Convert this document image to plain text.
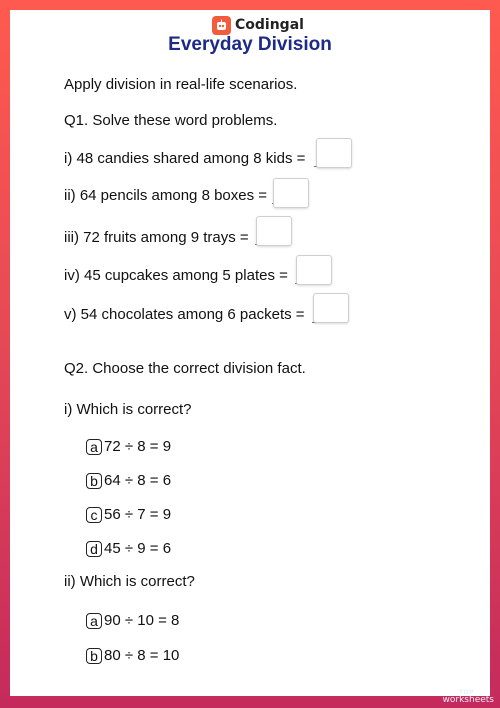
Codingal
Everyday Division
Apply division in real-life scenarios.
Q1. Solve these word problems.
i) 48 candies shared among 8 kids =
ii) 64 pencils among 8 boxes =
iii) 72 fruits among 9 trays =
iv) 45 cupcakes among 5 plates =
v) 54 chocolates among 6 packets =
Q2. Choose the correct division fact.
i) Which is correct?
a 72 ÷ 8 = 9
b 64 ÷ 8 = 6
c 56 ÷ 7 = 9
d 45 ÷ 9 = 6
ii) Which is correct?
a 90 ÷ 10 = 8
b 80 ÷ 8 = 10
TOP
worksheets
